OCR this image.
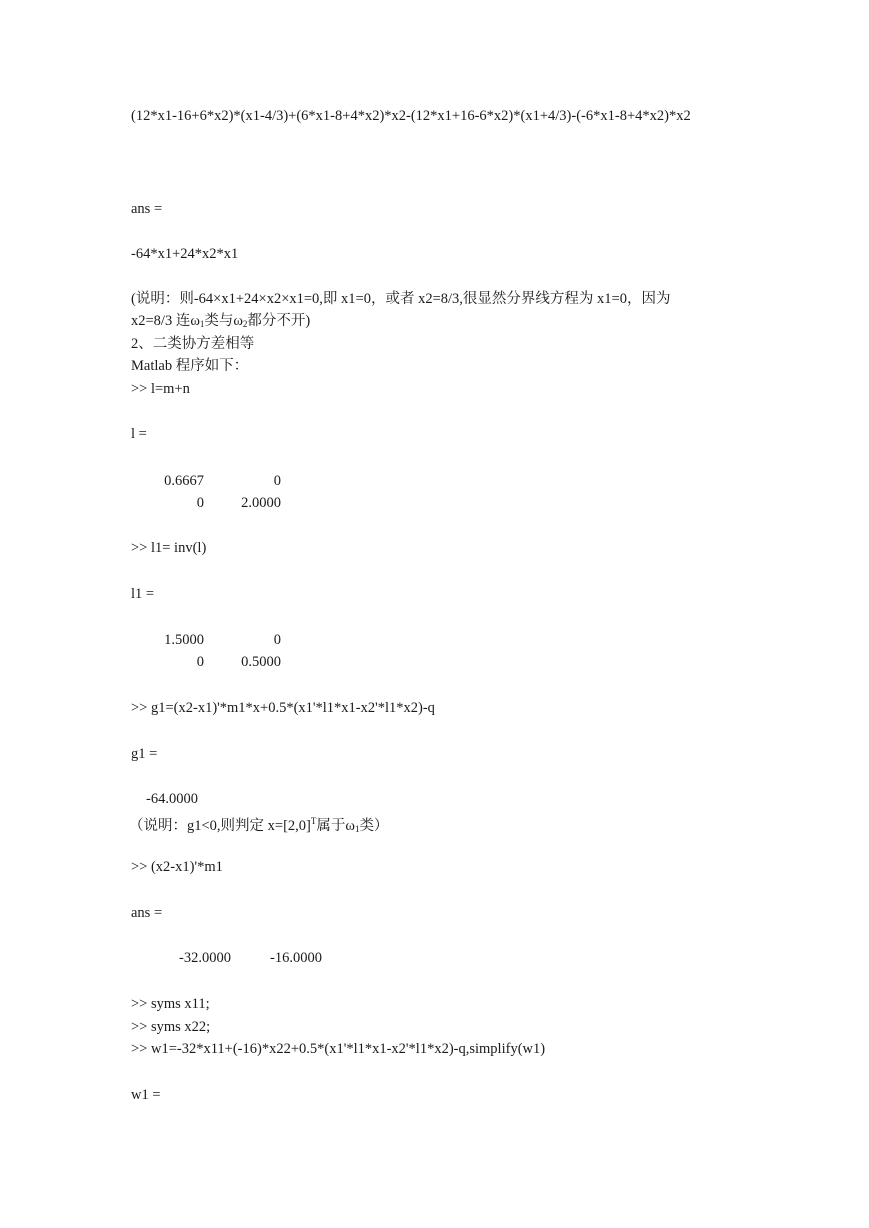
(12*x1-16+6*x2)*(x1-4/3)+(6*x1-8+4*x2)*x2-(12*x1+16-6*x2)*(x1+4/3)-(-6*x1-8+4*x2)*x2
ans =
-64*x1+24*x2*x1
(说明：则-64×x1+24×x2×x1=0,即 x1=0，或者 x2=8/3,很显然分界线方程为 x1=0，因为
x2=8/3 连$\omega_1$类与$\omega_2$都分不开)
2、二类协方差相等
Matlab 程序如下：
>> l=m+n
l =
0.6667	0
0	2.0000
>> l1= inv(l)
l1 =
1.5000	0
0	0.5000
>> g1=(x2-x1)'*m1*x+0.5*(x1'*l1*x1-x2'*l1*x2)-q
g1 =
-64.0000
（说明：g1<0,则判定 $x=[2,0]^T$属于$\omega_1$类）
>> (x2-x1)'*m1
ans =
-32.0000	-16.0000
>> syms x11;
>> syms x22;
>> w1=-32*x11+(-16)*x22+0.5*(x1'*l1*x1-x2'*l1*x2)-q,simplify(w1)
w1 =
